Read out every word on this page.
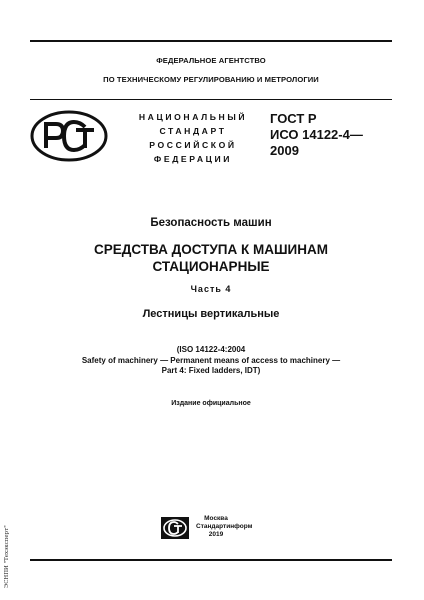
ФЕДЕРАЛЬНОЕ АГЕНТСТВО
ПО ТЕХНИЧЕСКОМУ РЕГУЛИРОВАНИЮ И МЕТРОЛОГИИ
НАЦИОНАЛЬНЫЙ
СТАНДАРТ
РОССИЙСКОЙ
ФЕДЕРАЦИИ
ГОСТ Р
ИСО 14122-4—
2009
Безопасность машин
СРЕДСТВА ДОСТУПА К МАШИНАМ
СТАЦИОНАРНЫЕ
Часть 4
Лестницы вертикальные
(ISO 14122-4:2004
Safety of machinery — Permanent means of access to machinery —
Part 4: Fixed ladders, IDT)
Издание официальное
Москва
Стандартинформ
2019
ЭСНПИ "Техэксперт"
